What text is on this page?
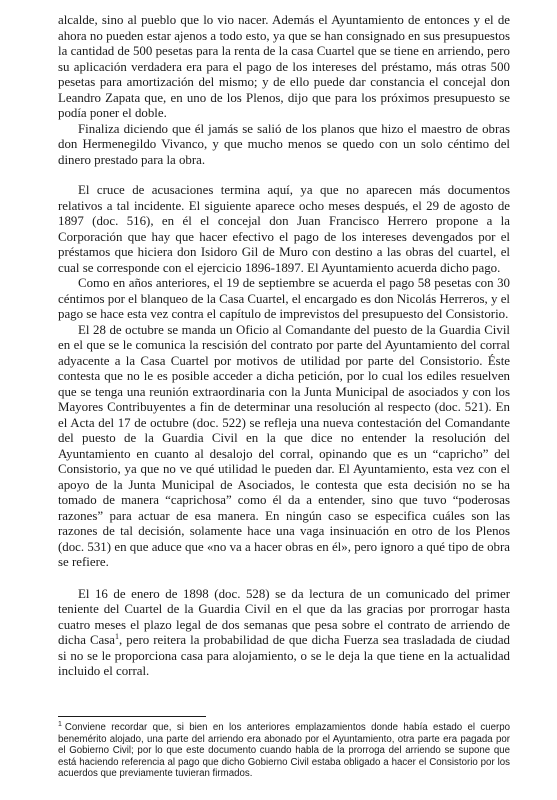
alcalde, sino al pueblo que lo vio nacer. Además el Ayuntamiento de entonces y el de ahora no pueden estar ajenos a todo esto, ya que se han consignado en sus presupuestos la cantidad de 500 pesetas para la renta de la casa Cuartel que se tiene en arriendo, pero su aplicación verdadera era para el pago de los intereses del préstamo, más otras 500 pesetas para amortización del mismo; y de ello puede dar constancia el concejal don Leandro Zapata que, en uno de los Plenos, dijo que para los próximos presupuesto se podía poner el doble.

Finaliza diciendo que él jamás se salió de los planos que hizo el maestro de obras don Hermenegildo Vivanco, y que mucho menos se quedo con un solo céntimo del dinero prestado para la obra.

El cruce de acusaciones termina aquí, ya que no aparecen más documentos relativos a tal incidente. El siguiente aparece ocho meses después, el 29 de agosto de 1897 (doc. 516), en él el concejal don Juan Francisco Herrero propone a la Corporación que hay que hacer efectivo el pago de los intereses devengados por el préstamos que hiciera don Isidoro Gil de Muro con destino a las obras del cuartel, el cual se corresponde con el ejercicio 1896-1897. El Ayuntamiento acuerda dicho pago.

Como en años anteriores, el 19 de septiembre se acuerda el pago 58 pesetas con 30 céntimos por el blanqueo de la Casa Cuartel, el encargado es don Nicolás Herreros, y el pago se hace esta vez contra el capítulo de imprevistos del presupuesto del Consistorio.

El 28 de octubre se manda un Oficio al Comandante del puesto de la Guardia Civil en el que se le comunica la rescisión del contrato por parte del Ayuntamiento del corral adyacente a la Casa Cuartel por motivos de utilidad por parte del Consistorio. Éste contesta que no le es posible acceder a dicha petición, por lo cual los ediles resuelven que se tenga una reunión extraordinaria con la Junta Municipal de asociados y con los Mayores Contribuyentes a fin de determinar una resolución al respecto (doc. 521). En el Acta del 17 de octubre (doc. 522) se refleja una nueva contestación del Comandante del puesto de la Guardia Civil en la que dice no entender la resolución del Ayuntamiento en cuanto al desalojo del corral, opinando que es un “capricho” del Consistorio, ya que no ve qué utilidad le pueden dar. El Ayuntamiento, esta vez con el apoyo de la Junta Municipal de Asociados, le contesta que esta decisión no se ha tomado de manera “caprichosa” como él da a entender, sino que tuvo “poderosas razones” para actuar de esa manera. En ningún caso se especifica cuáles son las razones de tal decisión, solamente hace una vaga insinuación en otro de los Plenos (doc. 531) en que aduce que «no va a hacer obras en él», pero ignoro a qué tipo de obra se refiere.

El 16 de enero de 1898 (doc. 528) se da lectura de un comunicado del primer teniente del Cuartel de la Guardia Civil en el que da las gracias por prorrogar hasta cuatro meses el plazo legal de dos semanas que pesa sobre el contrato de arriendo de dicha Casa$^1$, pero reitera la probabilidad de que dicha Fuerza sea trasladada de ciudad si no se le proporciona casa para alojamiento, o se le deja la que tiene en la actualidad incluido el corral.

$^1$ Conviene recordar que, si bien en los anteriores emplazamientos donde había estado el cuerpo benemérito alojado, una parte del arriendo era abonado por el Ayuntamiento, otra parte era pagada por el Gobierno Civil; por lo que este documento cuando habla de la prorroga del arriendo se supone que está haciendo referencia al pago que dicho Gobierno Civil estaba obligado a hacer el Consistorio por los acuerdos que previamente tuvieran firmados.
